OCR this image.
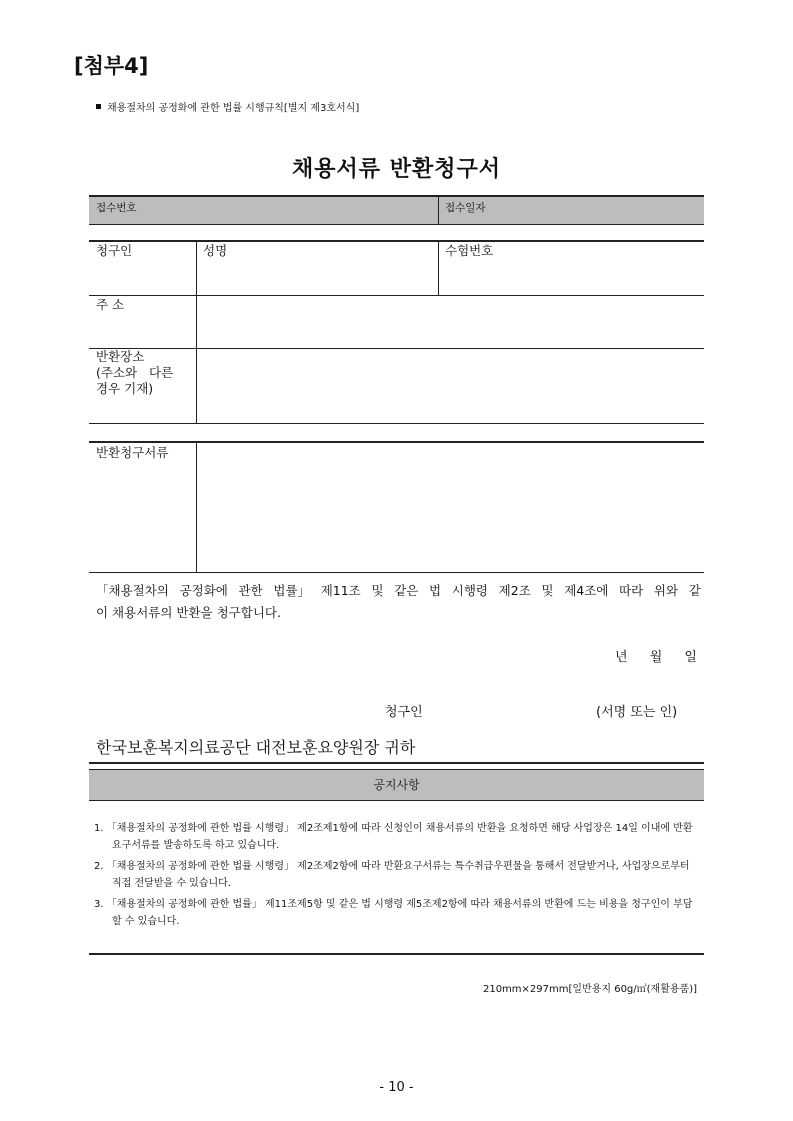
[첨부4]
채용절차의 공정화에 관한 법률 시행규칙[별지 제3호서식]
채용서류 반환청구서
접수번호	접수일자
청구인	성명	수험번호
주 소
반환장소
(주소와   다른
경우 기재)
반환청구서류
「채용절차의 공정화에 관한 법률」 제11조 및 같은 법 시행령 제2조 및 제4조에 따라 위와 같
이 채용서류의 반환을 청구합니다.
년 월 일
청구인	(서명 또는 인)
한국보훈복지의료공단 대전보훈요양원장 귀하
공지사항
1. 「채용절차의 공정화에 관한 법률 시행령」 제2조제1항에 따라 신청인이 채용서류의 반환을 요청하면 해당 사업장은 14일 이내에 반환요구서류를 발송하도록 하고 있습니다.
2. 「채용절차의 공정화에 관한 법률 시행령」 제2조제2항에 따라 반환요구서류는 특수취급우편물을 통해서 전달받거나, 사업장으로부터 직접 전달받을 수 있습니다.
3. 「채용절차의 공정화에 관한 법률」 제11조제5항 및 같은 법 시행령 제5조제2항에 따라 채용서류의 반환에 드는 비용을 청구인이 부담할 수 있습니다.
210mm×297mm[일반용지 60g/㎡(재활용품)]
- 10 -
